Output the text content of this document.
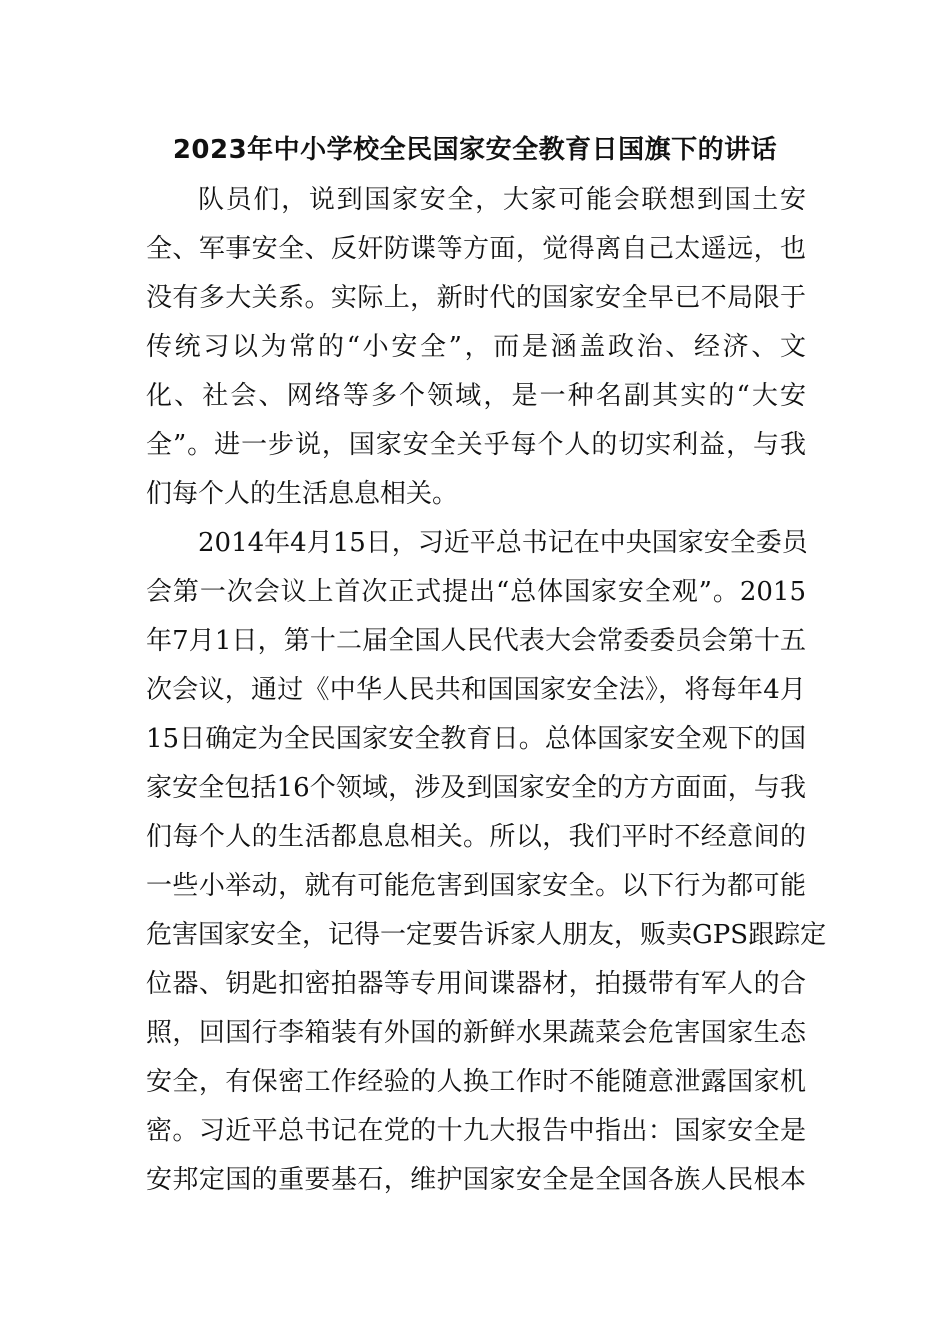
2023年中小学校全民国家安全教育日国旗下的讲话
队员们，说到国家安全，大家可能会联想到国土安
全、军事安全、反奸防谍等方面，觉得离自己太遥远，也
没有多大关系。实际上，新时代的国家安全早已不局限于
传统习以为常的“小安全”，而是涵盖政治、经济、文
化、社会、网络等多个领域，是一种名副其实的“大安
全”。进一步说，国家安全关乎每个人的切实利益，与我
们每个人的生活息息相关。
2014年4月15日，习近平总书记在中央国家安全委员
会第一次会议上首次正式提出“总体国家安全观”。2015
年7月1日，第十二届全国人民代表大会常委委员会第十五
次会议，通过《中华人民共和国国家安全法》，将每年4月
15日确定为全民国家安全教育日。总体国家安全观下的国
家安全包括16个领域，涉及到国家安全的方方面面，与我
们每个人的生活都息息相关。所以，我们平时不经意间的
一些小举动，就有可能危害到国家安全。以下行为都可能
危害国家安全，记得一定要告诉家人朋友，贩卖GPS跟踪定
位器、钥匙扣密拍器等专用间谍器材，拍摄带有军人的合
照，回国行李箱装有外国的新鲜水果蔬菜会危害国家生态
安全，有保密工作经验的人换工作时不能随意泄露国家机
密。习近平总书记在党的十九大报告中指出：国家安全是
安邦定国的重要基石，维护国家安全是全国各族人民根本
